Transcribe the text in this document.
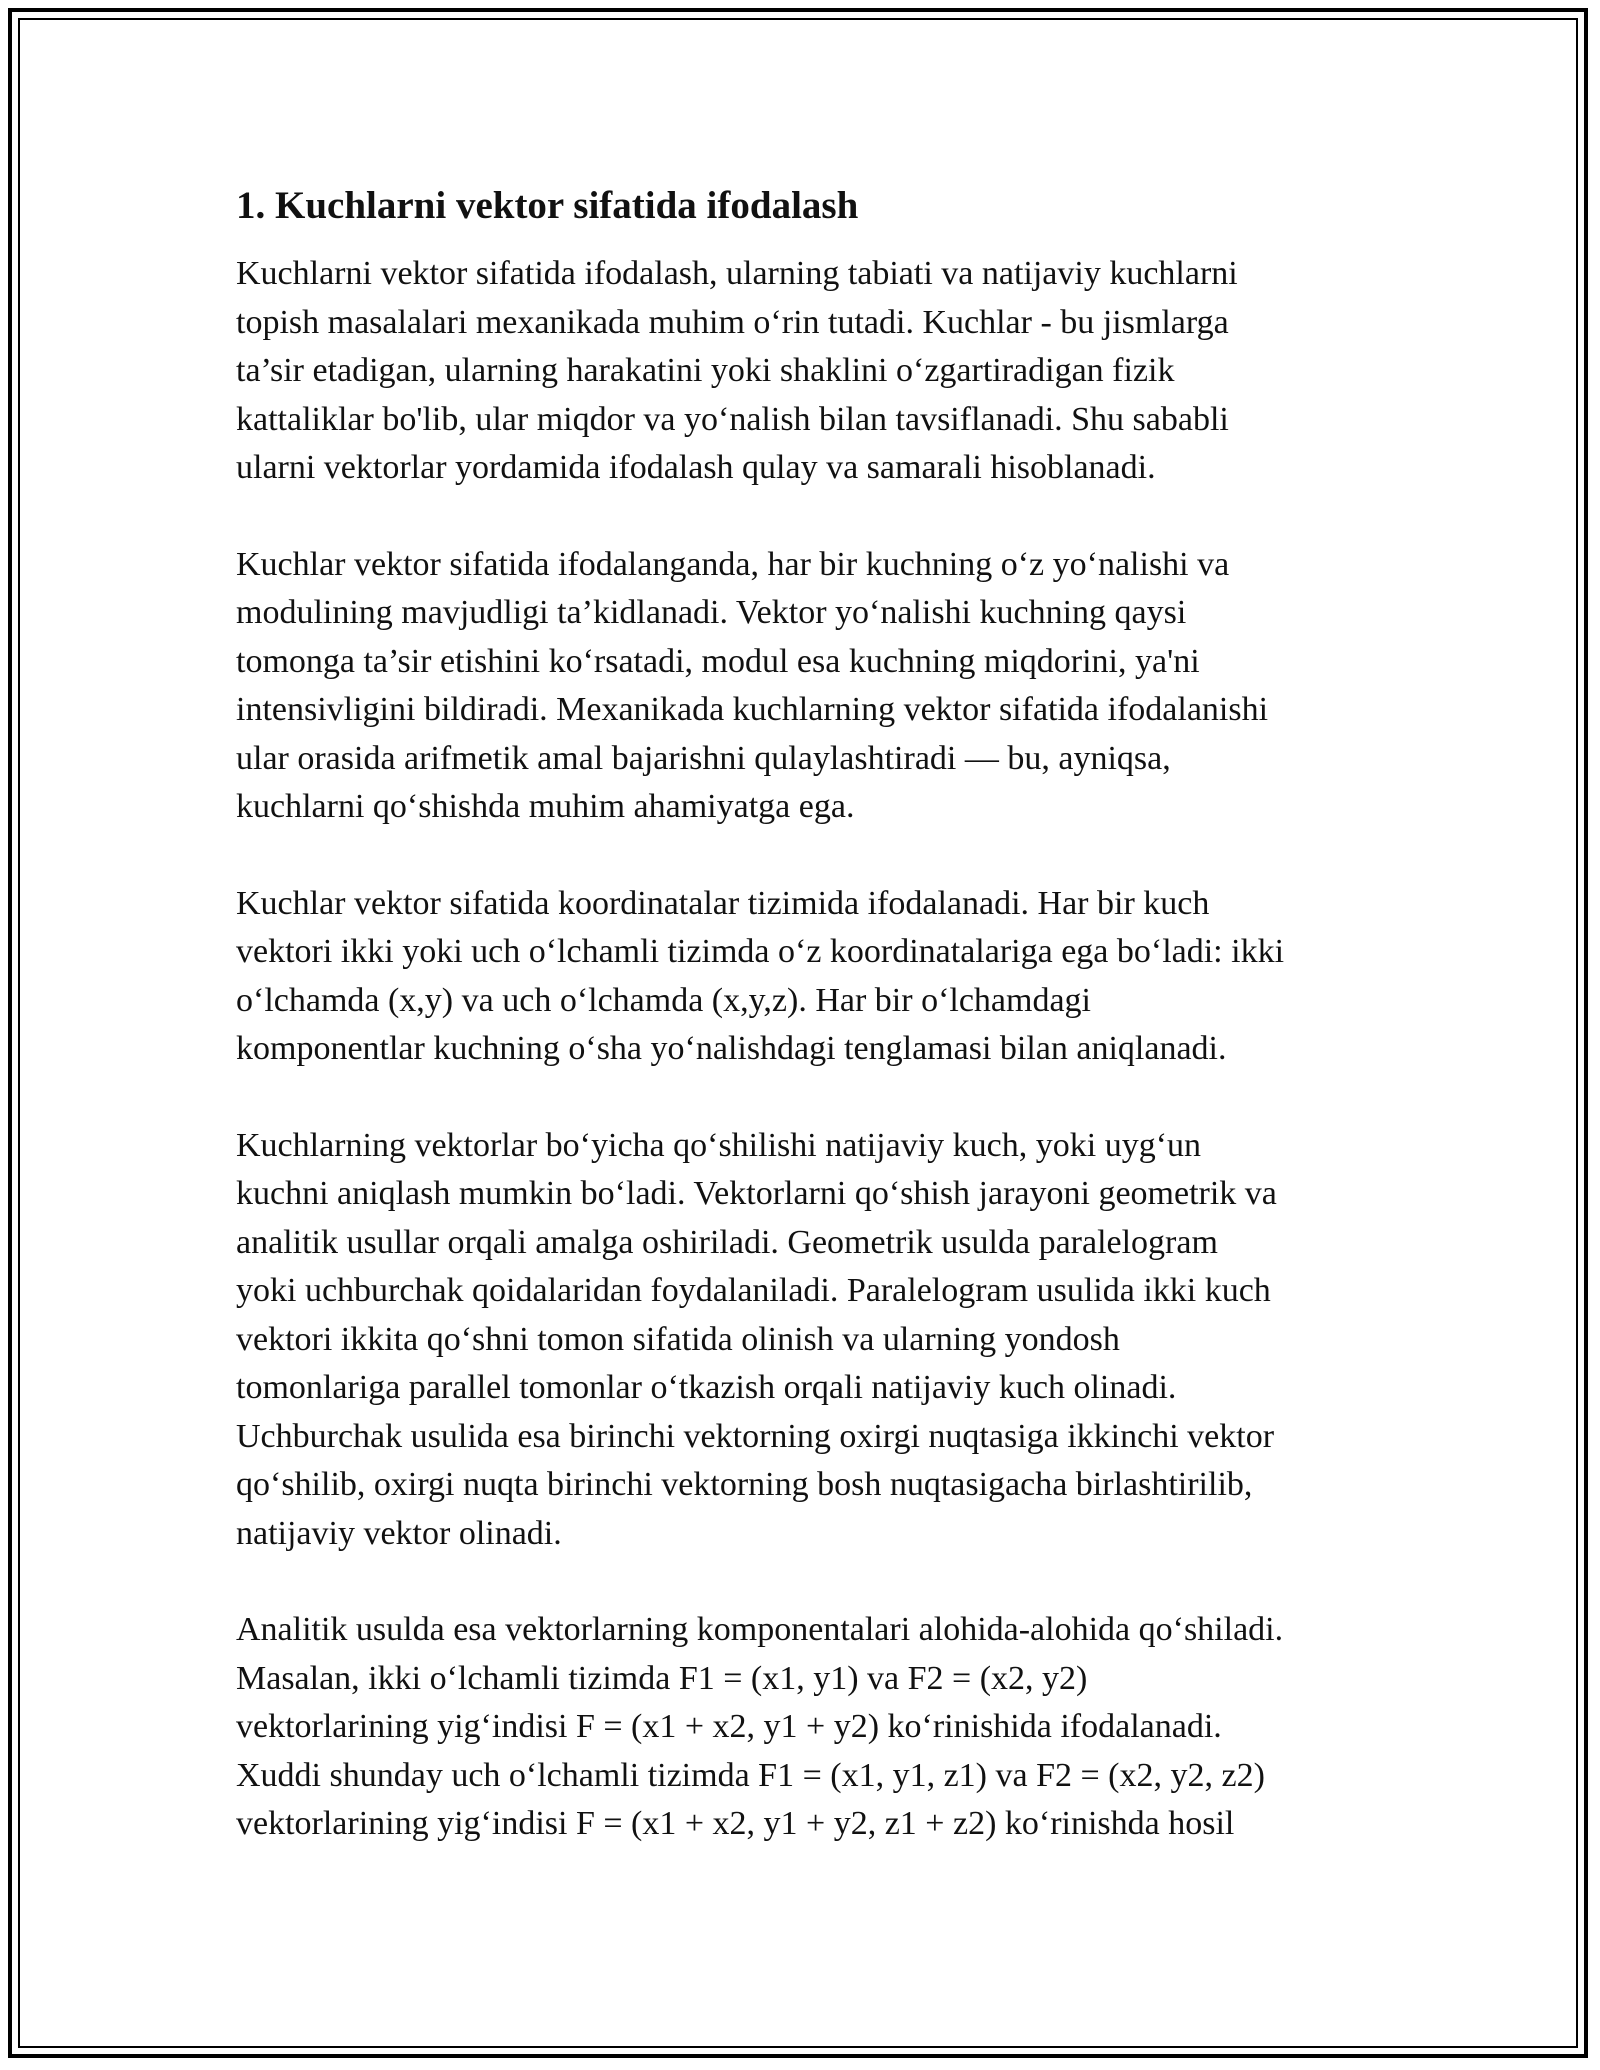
1. Kuchlarni vektor sifatida ifodalash

Kuchlarni vektor sifatida ifodalash, ularning tabiati va natijaviy kuchlarni
topish masalalari mexanikada muhim o‘rin tutadi. Kuchlar - bu jismlarga
ta’sir etadigan, ularning harakatini yoki shaklini o‘zgartiradigan fizik
kattaliklar bo'lib, ular miqdor va yo‘nalish bilan tavsiflanadi. Shu sababli
ularni vektorlar yordamida ifodalash qulay va samarali hisoblanadi.

Kuchlar vektor sifatida ifodalanganda, har bir kuchning o‘z yo‘nalishi va
modulining mavjudligi ta’kidlanadi. Vektor yo‘nalishi kuchning qaysi
tomonga ta’sir etishini ko‘rsatadi, modul esa kuchning miqdorini, ya'ni
intensivligini bildiradi. Mexanikada kuchlarning vektor sifatida ifodalanishi
ular orasida arifmetik amal bajarishni qulaylashtiradi — bu, ayniqsa,
kuchlarni qo‘shishda muhim ahamiyatga ega.

Kuchlar vektor sifatida koordinatalar tizimida ifodalanadi. Har bir kuch
vektori ikki yoki uch o‘lchamli tizimda o‘z koordinatalariga ega bo‘ladi: ikki
o‘lchamda (x,y) va uch o‘lchamda (x,y,z). Har bir o‘lchamdagi
komponentlar kuchning o‘sha yo‘nalishdagi tenglamasi bilan aniqlanadi.

Kuchlarning vektorlar bo‘yicha qo‘shilishi natijaviy kuch, yoki uyg‘un
kuchni aniqlash mumkin bo‘ladi. Vektorlarni qo‘shish jarayoni geometrik va
analitik usullar orqali amalga oshiriladi. Geometrik usulda paralelogram
yoki uchburchak qoidalaridan foydalaniladi. Paralelogram usulida ikki kuch
vektori ikkita qo‘shni tomon sifatida olinish va ularning yondosh
tomonlariga parallel tomonlar o‘tkazish orqali natijaviy kuch olinadi.
Uchburchak usulida esa birinchi vektorning oxirgi nuqtasiga ikkinchi vektor
qo‘shilib, oxirgi nuqta birinchi vektorning bosh nuqtasigacha birlashtirilib,
natijaviy vektor olinadi.

Analitik usulda esa vektorlarning komponentalari alohida-alohida qo‘shiladi.
Masalan, ikki o‘lchamli tizimda F1 = (x1, y1) va F2 = (x2, y2)
vektorlarining yig‘indisi F = (x1 + x2, y1 + y2) ko‘rinishida ifodalanadi.
Xuddi shunday uch o‘lchamli tizimda F1 = (x1, y1, z1) va F2 = (x2, y2, z2)
vektorlarining yig‘indisi F = (x1 + x2, y1 + y2, z1 + z2) ko‘rinishda hosil
